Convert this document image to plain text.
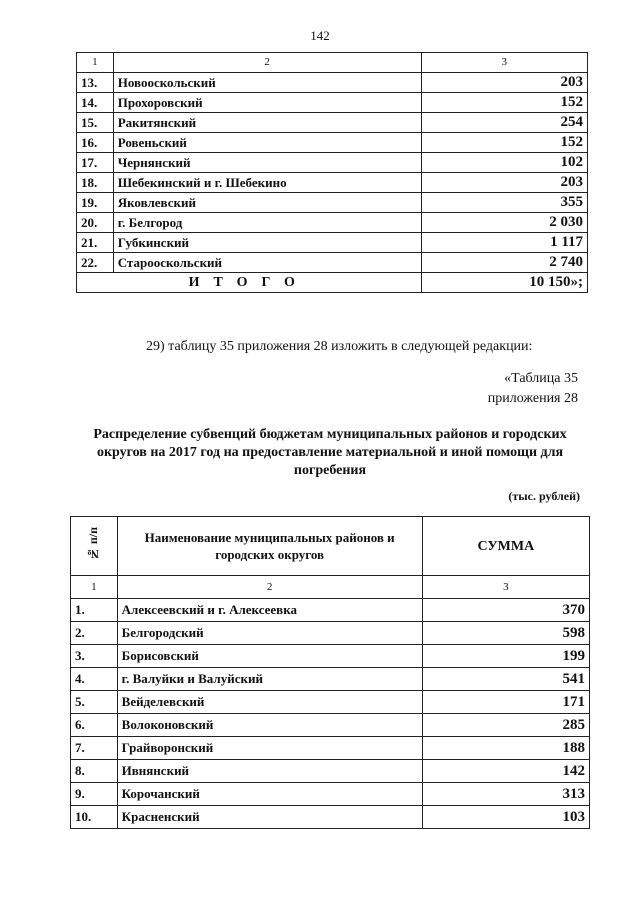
142
1	2	3
13.	Новооскольский	203
14.	Прохоровский	152
15.	Ракитянский	254
16.	Ровеньский	152
17.	Чернянский	102
18.	Шебекинский и г. Шебекино	203
19.	Яковлевский	355
20.	г. Белгород	2 030
21.	Губкинский	1 117
22.	Старооскольский	2 740
ИТОГО		10 150»;
29) таблицу 35 приложения 28 изложить в следующей редакции:
«Таблица 35
приложения 28
Распределение субвенций бюджетам муниципальных районов и городских округов на 2017 год на предоставление материальной и иной помощи для погребения
(тыс. рублей)
№ п/п	Наименование муниципальных районов и городских округов	СУММА
1	2	3
1.	Алексеевский и г. Алексеевка	370
2.	Белгородский	598
3.	Борисовский	199
4.	г. Валуйки и Валуйский	541
5.	Вейделевский	171
6.	Волоконовский	285
7.	Грайворонский	188
8.	Ивнянский	142
9.	Корочанский	313
10.	Красненский	103
